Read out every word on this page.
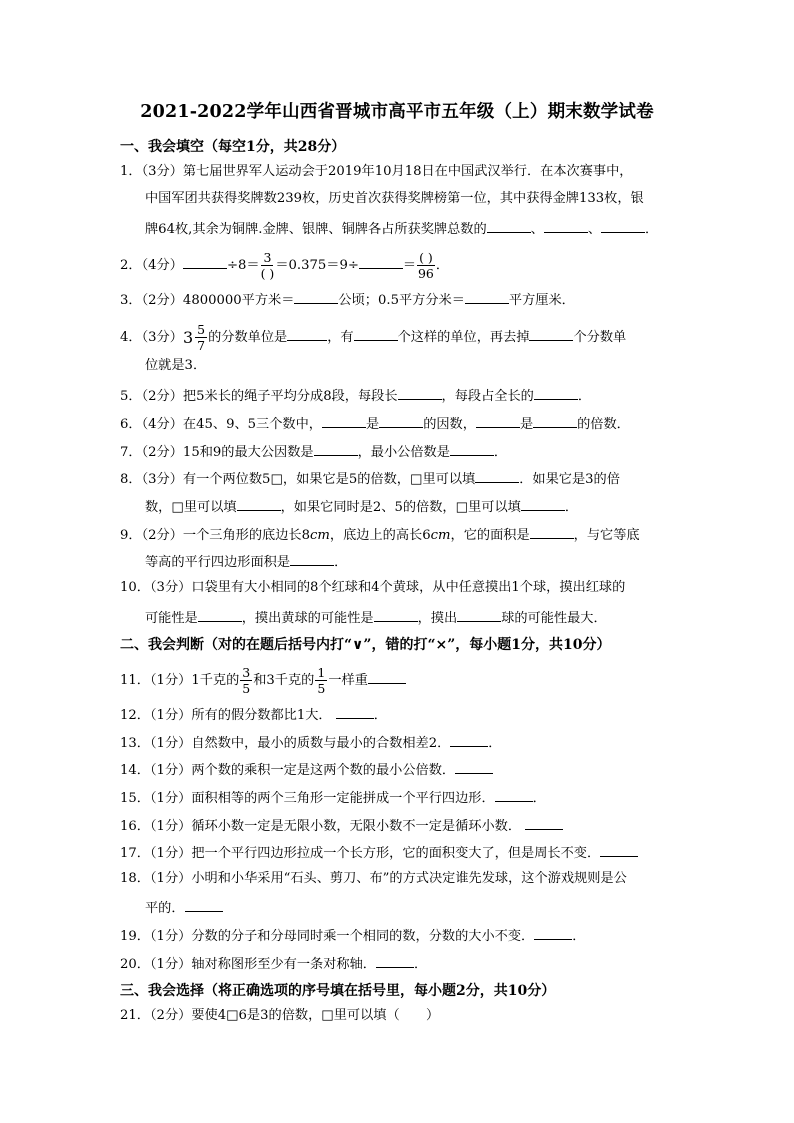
2021-2022学年山西省晋城市高平市五年级（上）期末数学试卷
一、我会填空（每空1分，共28分）
1．（3分）第七届世界军人运动会于2019年10月18日在中国武汉举行．在本次赛事中，
中国军团共获得奖牌数239枚，历史首次获得奖牌榜第一位，其中获得金牌133枚，银
牌64枚,其余为铜牌.金牌、银牌、铜牌各占所获奖牌总数的	、	、	．
2．（4分）	$\div 8= \frac{3}{( )} =0.375=9\div$	＝ $\frac{( )}{96}$ ．
3．（2分）4800000平方米＝	公顷；0.5平方分米＝	平方厘米．
4．（3分） $3 \frac{5}{7}$ 的分数单位是	，有	个这样的单位，再去掉	个分数单
位就是3．
5．（2分）把5米长的绳子平均分成8段，每段长	，每段占全长的	．
6．（4分）在45、9、5三个数中，	是	的因数，	是	的倍数．
7．（2分）15和9的最大公因数是	，最小公倍数是	．
8．（3分）有一个两位数5□，如果它是5的倍数，□里可以填	．如果它是3的倍
数，□里可以填	，如果它同时是2、5的倍数，□里可以填	．
9．（2分）一个三角形的底边长8cm，底边上的高长6cm，它的面积是	，与它等底
等高的平行四边形面积是	．
10．（3分）口袋里有大小相同的8个红球和4个黄球，从中任意摸出1个球，摸出红球的
可能性是	，摸出黄球的可能性是	，摸出	球的可能性最大．
二、我会判断（对的在题后括号内打“∨”，错的打“×”，每小题1分，共10分）
11．（1分）1千克的 $\frac{3}{5}$ 和3千克的 $\frac{1}{5}$ 一样重
12．（1分）所有的假分数都比1大．	．
13．（1分）自然数中，最小的质数与最小的合数相差2．	．
14．（1分）两个数的乘积一定是这两个数的最小公倍数．
15．（1分）面积相等的两个三角形一定能拼成一个平行四边形．	．
16．（1分）循环小数一定是无限小数，无限小数不一定是循环小数．
17．（1分）把一个平行四边形拉成一个长方形，它的面积变大了，但是周长不变．
18．（1分）小明和小华采用“石头、剪刀、布”的方式决定谁先发球，这个游戏规则是公
平的．
19．（1分）分数的分子和分母同时乘一个相同的数，分数的大小不变．	．
20．（1分）轴对称图形至少有一条对称轴．	．
三、我会选择（将正确选项的序号填在括号里，每小题2分，共10分）
21．（2分）要使4□6是3的倍数，□里可以填（　　）
